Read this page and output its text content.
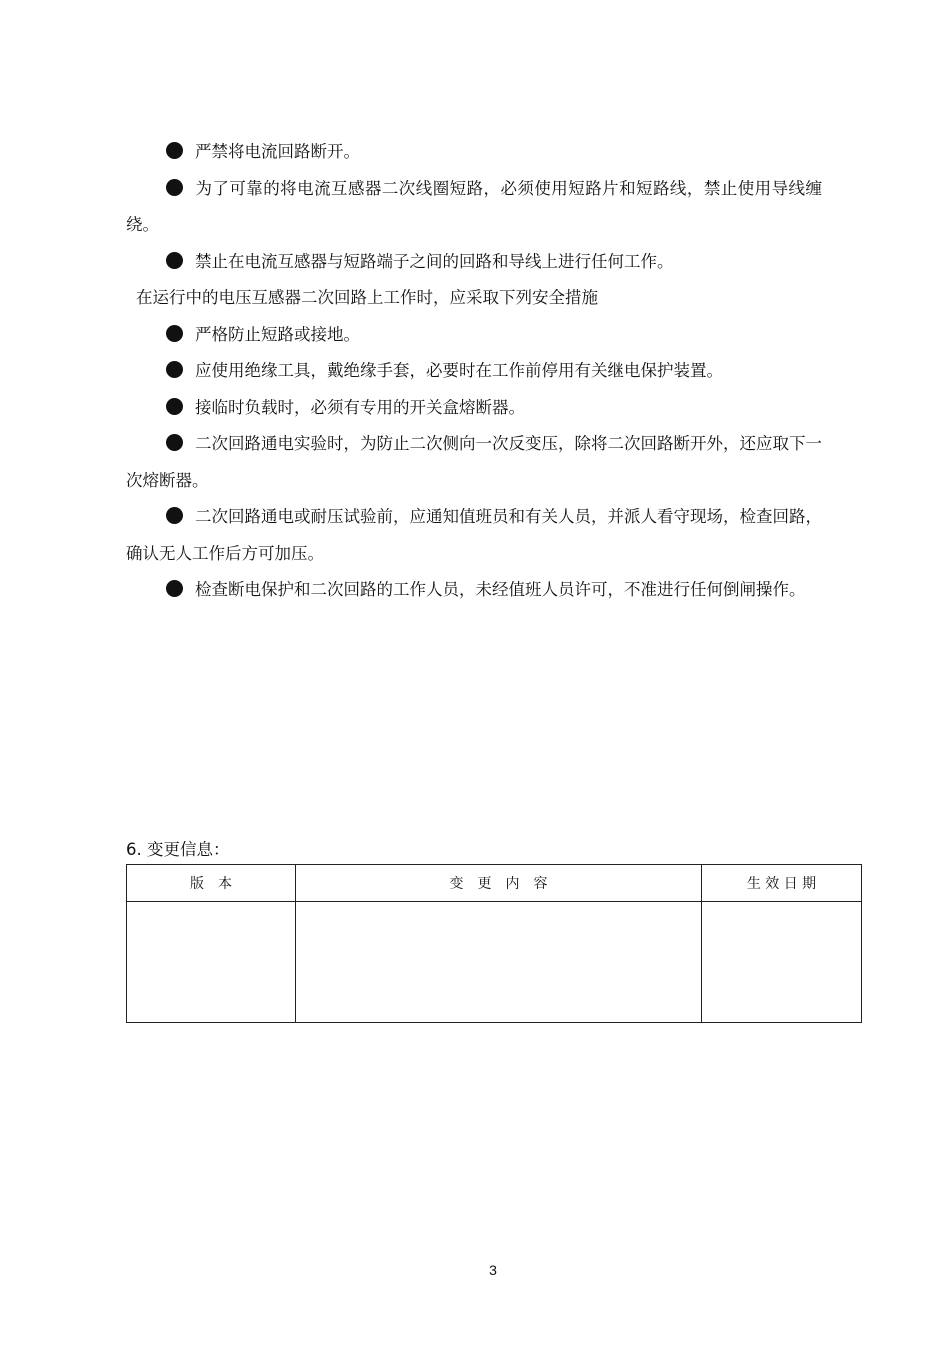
严禁将电流回路断开。

为了可靠的将电流互感器二次线圈短路，必须使用短路片和短路线，禁止使用导线缠绕。

禁止在电流互感器与短路端子之间的回路和导线上进行任何工作。

在运行中的电压互感器二次回路上工作时，应采取下列安全措施

严格防止短路或接地。

应使用绝缘工具，戴绝缘手套，必要时在工作前停用有关继电保护装置。

接临时负载时，必须有专用的开关盒熔断器。

二次回路通电实验时，为防止二次侧向一次反变压，除将二次回路断开外，还应取下一次熔断器。

二次回路通电或耐压试验前，应通知值班员和有关人员，并派人看守现场，检查回路，确认无人工作后方可加压。

检查断电保护和二次回路的工作人员，未经值班人员许可，不准进行任何倒闸操作。

6. 变更信息：
版　本	变　更　内　容	生 效 日 期

3
